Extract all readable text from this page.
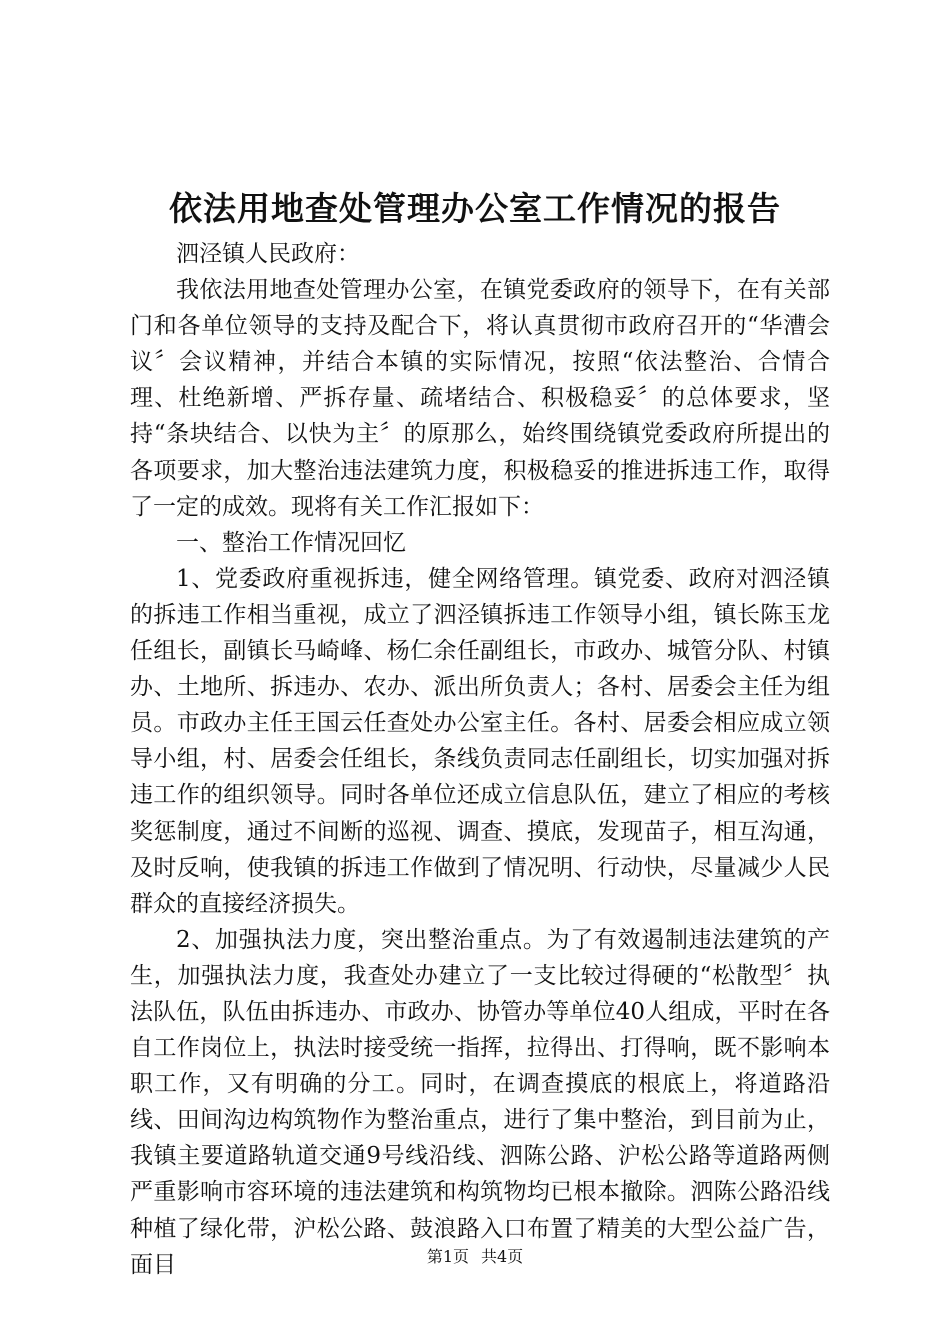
依法用地查处管理办公室工作情况的报告

泗泾镇人民政府：

我依法用地查处管理办公室，在镇党委政府的领导下，在有关部门和各单位领导的支持及配合下，将认真贯彻市政府召开的“华漕会议〞会议精神，并结合本镇的实际情况，按照“依法整治、合情合理、杜绝新增、严拆存量、疏堵结合、积极稳妥〞的总体要求，坚持“条块结合、以快为主〞的原那么，始终围绕镇党委政府所提出的各项要求，加大整治违法建筑力度，积极稳妥的推进拆违工作，取得了一定的成效。现将有关工作汇报如下：

一、整治工作情况回忆

1、党委政府重视拆违，健全网络管理。镇党委、政府对泗泾镇的拆违工作相当重视，成立了泗泾镇拆违工作领导小组，镇长陈玉龙任组长，副镇长马崎峰、杨仁余任副组长，市政办、城管分队、村镇办、土地所、拆违办、农办、派出所负责人；各村、居委会主任为组员。市政办主任王国云任查处办公室主任。各村、居委会相应成立领导小组，村、居委会任组长，条线负责同志任副组长，切实加强对拆违工作的组织领导。同时各单位还成立信息队伍，建立了相应的考核奖惩制度，通过不间断的巡视、调查、摸底，发现苗子，相互沟通，及时反响，使我镇的拆违工作做到了情况明、行动快，尽量减少人民群众的直接经济损失。

2、加强执法力度，突出整治重点。为了有效遏制违法建筑的产生，加强执法力度，我查处办建立了一支比较过得硬的“松散型〞执法队伍，队伍由拆违办、市政办、协管办等单位40人组成，平时在各自工作岗位上，执法时接受统一指挥，拉得出、打得响，既不影响本职工作，又有明确的分工。同时，在调查摸底的根底上，将道路沿线、田间沟边构筑物作为整治重点，进行了集中整治，到目前为止，我镇主要道路轨道交通9号线沿线、泗陈公路、沪松公路等道路两侧严重影响市容环境的违法建筑和构筑物均已根本撤除。泗陈公路沿线种植了绿化带，沪松公路、鼓浪路入口布置了精美的大型公益广告，面目	第1页 共4页
